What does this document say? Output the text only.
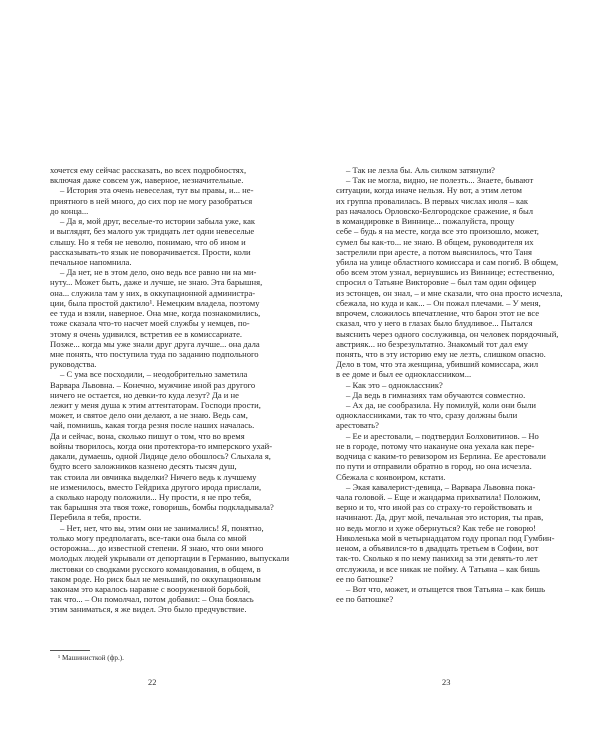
хочется ему сейчас рассказать, во всех подробностях,
включая даже совсем уж, наверное, незначительные.
– История эта очень невеселая, тут вы правы, и... не-
приятного в ней много, до сих пор не могу разобраться
до конца...
– Да я, мой друг, веселые-то истории забыла уже, как
и выглядят, без малого уж тридцать лет одни невеселые
слышу. Но я тебя не неволю, понимаю, что об ином и
рассказывать-то язык не поворачивается. Прости, коли
печальное напомнила.
– Да нет, не в этом дело, оно ведь все равно ни на ми-
нуту... Может быть, даже и лучше, не знаю. Эта барышня,
она... служила там у них, в оккупационной администра-
ции, была простой дактило¹. Немецким владела, поэтому
ее туда и взяли, наверное. Она мне, когда познакомились,
тоже сказала что-то насчет моей службы у немцев, по-
этому я очень удивился, встретив ее в комиссариате.
Позже... когда мы уже знали друг друга лучше... она дала
мне понять, что поступила туда по заданию подпольного
руководства.
– С ума все посходили, – неодобрительно заметила
Варвара Львовна. – Конечно, мужчине иной раз другого
ничего не остается, но девки-то куда лезут? Да и не
лежит у меня душа к этим аттентаторам. Господи прости,
может, и святое дело они делают, а не знаю. Ведь сам,
чай, помнишь, какая тогда резня после наших началась.
Да и сейчас, вона, сколько пишут о том, что во время
войны творилось, когда они протектора-то имперского ухай-
дакали, думаешь, одной Лидице дело обошлось? Слыхала я,
будто всего заложников казнено десять тысяч душ,
так стоила ли овчинка выделки? Ничего ведь к лучшему
не изменилось, вместо Гейдриха другого ирода прислали,
а сколько народу положили... Ну прости, я не про тебя,
так барышня эта твоя тоже, говоришь, бомбы подкладывала?
Перебила я тебя, прости.
– Нет, нет, что вы, этим они не занимались! Я, понятно,
только могу предполагать, все-таки она была со мной
осторожна... до известной степени. Я знаю, что они много
молодых людей укрывали от депортации в Германию, выпускали
листовки со сводками русского командования, в общем, в
таком роде. Но риск был не меньший, по оккупационным
законам это каралось наравне с вооруженной борьбой,
так что... – Он помолчал, потом добавил: – Она боялась
этим заниматься, я же видел. Это было предчувствие.
¹ Машинисткой (фр.).
22
– Так не лезла бы. Аль силком затянули?
– Так не могла, видно, не полезть... Знаете, бывают
ситуации, когда иначе нельзя. Ну вот, а этим летом
их группа провалилась. В первых числах июля – как
раз началось Орловско-Белгородское сражение, я был
в командировке в Виннице... пожалуйста, прощу
себе – будь я на месте, когда все это произошло, может,
сумел бы как-то... не знаю. В общем, руководителя их
застрелили при аресте, а потом выяснилось, что Таня
убила на улице областного комиссара и сам погиб. В общем,
обо всем этом узнал, вернувшись из Виннице; естественно,
спросил о Татьяне Викторовне – был там один офицер
из эстонцев, он знал, – и мне сказали, что она просто исчезла,
сбежала, но куда и как... – Он пожал плечами. – У меня,
впрочем, сложилось впечатление, что барон этот не все
сказал, что у него в глазах было блудливое... Пытался
выяснить через одного сослуживца, он человек порядочный,
австрияк... но безрезультатно. Знакомый тот дал ему
понять, что в эту историю ему не лезть, слишком опасно.
Дело в том, что эта женщина, убивший комиссара, жил
в ее доме и был ее одноклассником...
– Как это – одноклассник?
– Да ведь в гимназиях там обучаются совместно.
– Ах да, не сообразила. Ну помилуй, коли они были
одноклассниками, так то что, сразу должны были
арестовать?
– Ее и арестовали, – подтвердил Болховитинов. – Но
не в городе, потому что накануне она уехала как пере-
водчица с каким-то ревизором из Берлина. Ее арестовали
по пути и отправили обратно в город, но она исчезла.
Сбежала с конвоиром, кстати.
– Экая кавалерист-девица, – Варвара Львовна пока-
чала головой. – Еще и жандарма прихватила! Положим,
верно и то, что иной раз со страху-то геройствовать и
начинают. Да, друг мой, печальная это история, ты прав,
но ведь могло и хуже обернуться? Как тебе не говорю!
Николенька мой в четырнадцатом году пропал под Гумбин-
неном, а объявился-то в двадцать третьем в Софии, вот
так-то. Сколько я по нему панихид за эти девять-то лет
отслужила, и все никак не пойму. А Татьяна – как бишь
ее по батюшке?
– Вот что, может, и отыщется твоя Татьяна – как бишь
ее по батюшке?
23
